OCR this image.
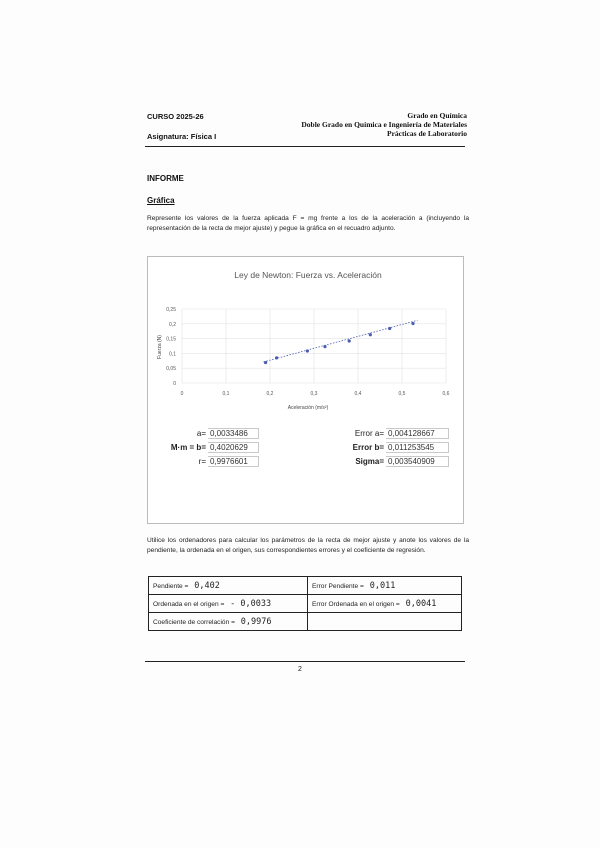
CURSO 2025-26
Asignatura: Física I
Grado en Química
Doble Grado en Química e Ingeniería de Materiales
Prácticas de Laboratorio
INFORME
Gráfica
Represente los valores de la fuerza aplicada F = mg frente a los de la aceleración a (incluyendo la representación de la recta de mejor ajuste) y pegue la gráfica en el recuadro adjunto.
Ley de Newton: Fuerza vs. Aceleración
0	0,1	0,2	0,3	0,4	0,5	0,6
0
0,05
0,1
0,15
0,2
0,25
Aceleración (m/s²)
Fuerza (N)
a= 0,0033486
M·m = b= 0,4020629
r= 0,9976601
Error a= 0,004128667
Error b= 0,011253545
Sigma= 0,003540909
Utilice los ordenadores para calcular los parámetros de la recta de mejor ajuste y anote los valores de la pendiente, la ordenada en el origen, sus correspondientes errores y el coeficiente de regresión.
Pendiente = 0,402	Error Pendiente = 0,011
Ordenada en el origen = - 0,0033	Error Ordenada en el origen = 0,0041
Coeficiente de correlación = 0,9976	
2
